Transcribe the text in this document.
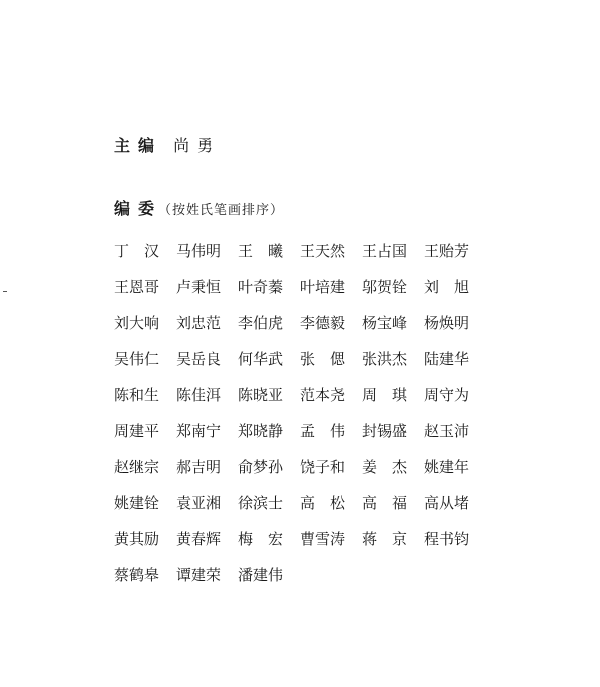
主 编 尚 勇
编 委 （按姓氏笔画排序）
丁　汉	马伟明	王　曦	王天然	王占国	王贻芳
王恩哥	卢秉恒	叶奇蓁	叶培建	邬贺铨	刘　旭
刘大响	刘忠范	李伯虎	李德毅	杨宝峰	杨焕明
吴伟仁	吴岳良	何华武	张　偲	张洪杰	陆建华
陈和生	陈佳洱	陈晓亚	范本尧	周　琪	周守为
周建平	郑南宁	郑晓静	孟　伟	封锡盛	赵玉沛
赵继宗	郝吉明	俞梦孙	饶子和	姜　杰	姚建年
姚建铨	袁亚湘	徐滨士	高　松	高　福	高从堵
黄其励	黄春辉	梅　宏	曹雪涛	蒋　京	程书钧
蔡鹤皋	谭建荣	潘建伟
